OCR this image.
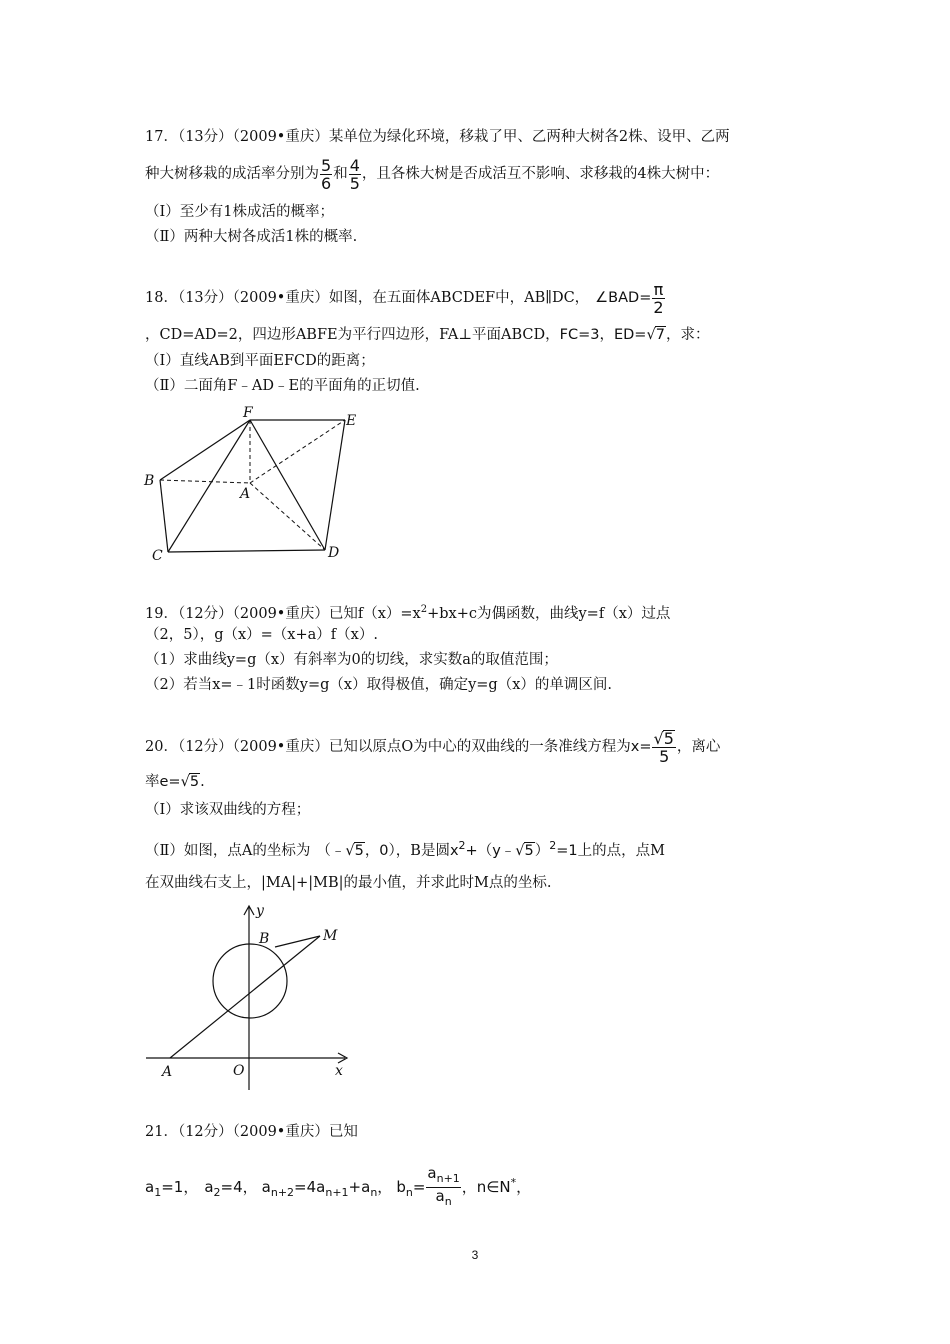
17．（13分）（2009•重庆）某单位为绿化环境，移栽了甲、乙两种大树各2株、设甲、乙两
种大树移栽的成活率分别为 $\frac{5}{6}$ 和 $\frac{4}{5}$ ，且各株大树是否成活互不影响、求移栽的4株大树中：
（Ⅰ）至少有1株成活的概率；
（Ⅱ）两种大树各成活1株的概率.
18．（13分）（2009•重庆）如图，在五面体ABCDEF中，AB∥DC， ∠BAD= $\frac{\pi}{2}$
，CD=AD=2，四边形ABFE为平行四边形，FA⊥平面ABCD，FC=3，ED=√7，求：
（Ⅰ）直线AB到平面EFCD的距离；
（Ⅱ）二面角F﹣AD﹣E的平面角的正切值.
F	E
B
A
C	D
19．（12分）（2009•重庆）已知$f(x)=x^2+bx+c$为偶函数，曲线y=f（x）过点
（2，5），g（x）=（x+a）f（x）.
（1）求曲线y=g（x）有斜率为0的切线，求实数a的取值范围；
（2）若当x=﹣1时函数y=g（x）取得极值，确定y=g（x）的单调区间.
20．（12分）（2009•重庆）已知以原点O为中心的双曲线的一条准线方程为$x= \frac{√5}{5}$ ，离心
率e=√5.
（Ⅰ）求该双曲线的方程；
（Ⅱ）如图，点A的坐标为 （﹣√5，0），B是圆$x^2+(y﹣√5)^2=1$上的点，点M
在双曲线右支上，|MA|+|MB|的最小值，并求此时M点的坐标.
y
B	M
A	O	x
21．（12分）（2009•重庆）已知
$a_1=1$， $a_2=4$， $a_{n+2}=4a_{n+1}+a_n$， $b_n= \frac{a_{n+1}}{a_n}$ ，n∈N*，
3
